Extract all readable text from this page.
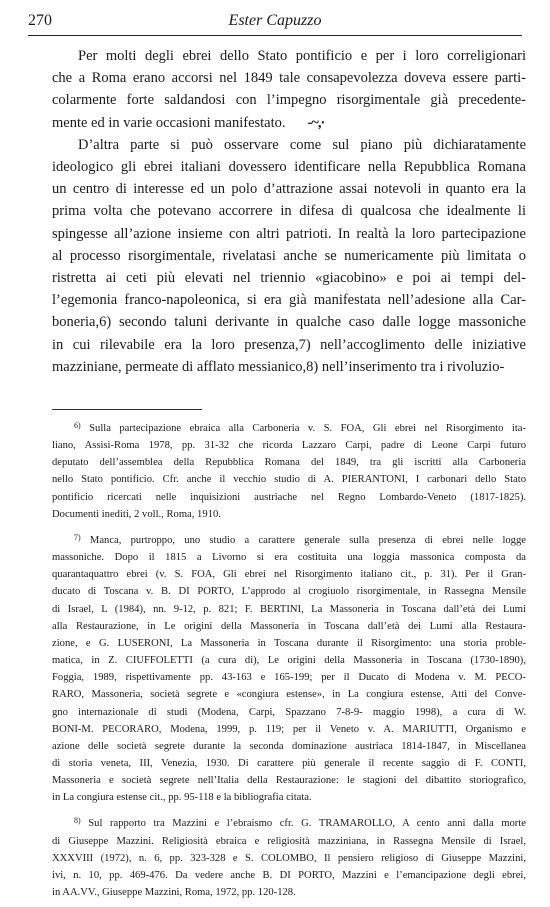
270	Ester Capuzzo
Per molti degli ebrei dello Stato pontificio e per i loro correligionari
che a Roma erano accorsi nel 1849 tale consapevolezza doveva essere parti-
colarmente forte saldandosi con l’impegno risorgimentale già precedente-
mente ed in varie occasioni manifestato. -~,·
D’altra parte si può osservare come sul piano più dichiaratamente
ideologico gli ebrei italiani dovessero identificare nella Repubblica Romana
un centro di interesse ed un polo d’attrazione assai notevoli in quanto era la
prima volta che potevano accorrere in difesa di qualcosa che idealmente li
spingesse all’azione insieme con altri patrioti. In realtà la loro partecipazione
al processo risorgimentale, rivelatasi anche se numericamente più limitata o
ristretta ai ceti più elevati nel triennio «giacobino» e poi ai tempi del-
l’egemonia franco-napoleonica, si era già manifestata nell’adesione alla Car-
boneria,6) secondo taluni derivante in qualche caso dalle logge massoniche
in cui rilevabile era la loro presenza,7) nell’accoglimento delle iniziative
mazziniane, permeate di afflato messianico,8) nell’inserimento tra i rivoluzio-
$^{6)}$ Sulla partecipazione ebraica alla Carboneria v. S. FOA, Gli ebrei nel Risorgimento ita-
liano, Assisi-Roma 1978, pp. 31-32 che ricorda Lazzaro Carpi, padre di Leone Carpi futuro
deputato dell’assemblea della Repubblica Romana del 1849, tra gli iscritti alla Carboneria
nello Stato pontificio. Cfr. anche il vecchio studio di A. PIERANTONI, I carbonari dello Stato
pontificio ricercati nelle inquisizioni austriache nel Regno Lombardo-Veneto (1817-1825).
Documenti inediti, 2 voll., Roma, 1910.
$^{7)}$ Manca, purtroppo, uno studio a carattere generale sulla presenza di ebrei nelle logge
massoniche. Dopo il 1815 a Livorno si era costituita una loggia massonica composta da
quarantaquattro ebrei (v. S. FOA, Gli ebrei nel Risorgimento italiano cit., p. 31). Per il Gran-
ducato di Toscana v. B. DI PORTO, L’approdo al crogiuolo risorgimentale, in Rassegna Mensile
di Israel, L (1984), nn. 9-12, p. 821; F. BERTINI, La Massoneria in Toscana dall’età dei Lumi
alla Restaurazione, in Le origini della Massoneria in Toscana dall’età dei Lumi alla Restaura-
zione, e G. LUSERONI, La Massoneria in Toscana durante il Risorgimento: una storia proble-
matica, in Z. CIUFFOLETTI (a cura di), Le origini della Massoneria in Toscana (1730-1890),
Foggia, 1989, rispettivamente pp. 43-163 e 165-199; per il Ducato di Modena v. M. PECO-
RARO, Massoneria, società segrete e «congiura estense», in La congiura estense, Atti del Conve-
gno internazionale di studi (Modena, Carpi, Spazzano 7-8-9- maggio 1998), a cura di W.
BONI-M. PECORARO, Modena, 1999, p. 119; per il Veneto v. A. MARIUTTI, Organismo e
azione delle società segrete durante la seconda dominazione austriaca 1814-1847, in Miscellanea
di storia veneta, III, Venezia, 1930. Di carattere più generale il recente saggio di F. CONTI,
Massoneria e società segrete nell’Italia della Restaurazione: le stagioni del dibattito storiografico,
in La congiura estense cit., pp. 95-118 e la bibliografia citata.
$^{8)}$ Sul rapporto tra Mazzini e l’ebraismo cfr. G. TRAMAROLLO, A cento anni dalla morte
di Giuseppe Mazzini. Religiosità ebraica e religiosità mazziniana, in Rassegna Mensile di Israel,
XXXVIII (1972), n. 6, pp. 323-328 e S. COLOMBO, Il pensiero religioso di Giuseppe Mazzini,
ivi, n. 10, pp. 469-476. Da vedere anche B. DI PORTO, Mazzini e l’emancipazione degli ebrei,
in AA.VV., Giuseppe Mazzini, Roma, 1972, pp. 120-128.
